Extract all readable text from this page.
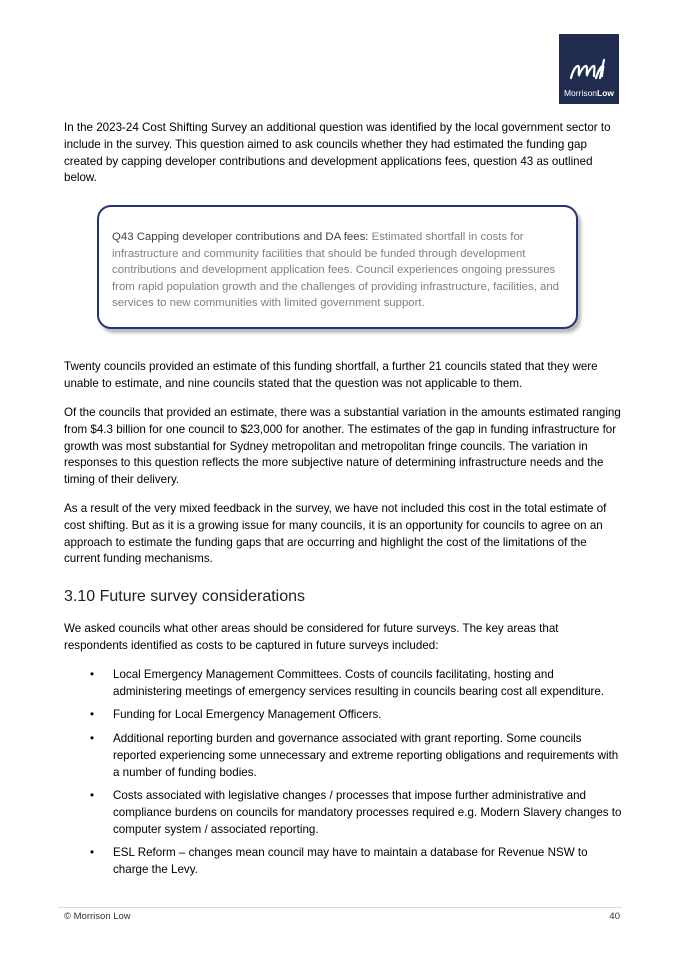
MorrisonLow

In the 2023-24 Cost Shifting Survey an additional question was identified by the local government sector to include in the survey. This question aimed to ask councils whether they had estimated the funding gap created by capping developer contributions and development applications fees, question 43 as outlined below.

Q43 Capping developer contributions and DA fees: Estimated shortfall in costs for infrastructure and community facilities that should be funded through development contributions and development application fees. Council experiences ongoing pressures from rapid population growth and the challenges of providing infrastructure, facilities, and services to new communities with limited government support.

Twenty councils provided an estimate of this funding shortfall, a further 21 councils stated that they were unable to estimate, and nine councils stated that the question was not applicable to them.

Of the councils that provided an estimate, there was a substantial variation in the amounts estimated ranging from $4.3 billion for one council to $23,000 for another. The estimates of the gap in funding infrastructure for growth was most substantial for Sydney metropolitan and metropolitan fringe councils. The variation in responses to this question reflects the more subjective nature of determining infrastructure needs and the timing of their delivery.

As a result of the very mixed feedback in the survey, we have not included this cost in the total estimate of cost shifting. But as it is a growing issue for many councils, it is an opportunity for councils to agree on an approach to estimate the funding gaps that are occurring and highlight the cost of the limitations of the current funding mechanisms.

3.10 Future survey considerations

We asked councils what other areas should be considered for future surveys. The key areas that respondents identified as costs to be captured in future surveys included:

• Local Emergency Management Committees. Costs of councils facilitating, hosting and administering meetings of emergency services resulting in councils bearing cost all expenditure.
• Funding for Local Emergency Management Officers.
• Additional reporting burden and governance associated with grant reporting. Some councils reported experiencing some unnecessary and extreme reporting obligations and requirements with a number of funding bodies.
• Costs associated with legislative changes / processes that impose further administrative and compliance burdens on councils for mandatory processes required e.g. Modern Slavery changes to computer system / associated reporting.
• ESL Reform – changes mean council may have to maintain a database for Revenue NSW to charge the Levy.
© Morrison Low	40
